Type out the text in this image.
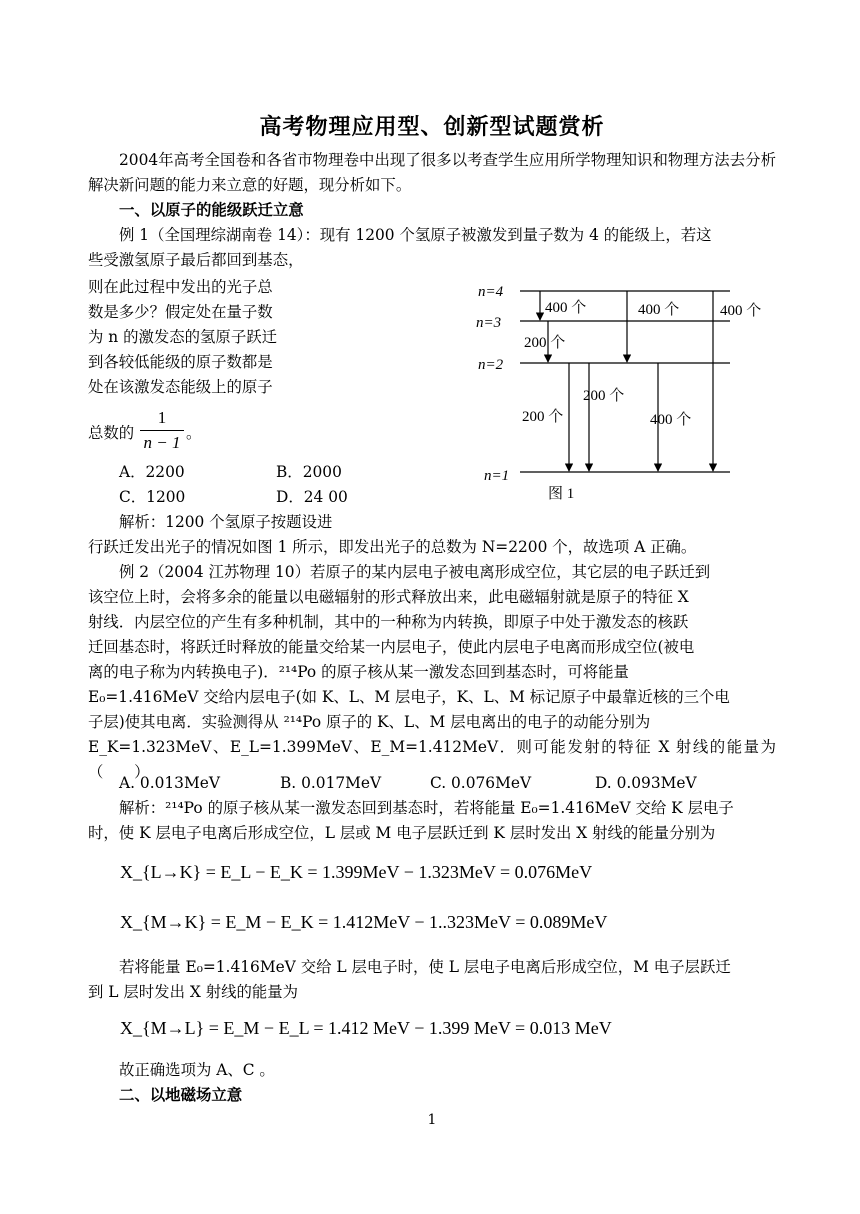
高考物理应用型、创新型试题赏析
2004年高考全国卷和各省市物理卷中出现了很多以考查学生应用所学物理知识和物理方法去分析解决新问题的能力来立意的好题，现分析如下。
一、以原子的能级跃迁立意
例 1（全国理综湖南卷 14）：现有 1200 个氢原子被激发到量子数为 4 的能级上，若这
些受激氢原子最后都回到基态，
则在此过程中发出的光子总
数是多少？假定处在量子数
为 n 的激发态的氢原子跃迁
到各较低能级的原子数都是
处在该激发态能级上的原子
总数的
1
n − 1 。
A．2200	B．2000
C．1200	D．24 00
解析：1200 个氢原子按题设进
行跃迁发出光子的情况如图 1 所示，即发出光子的总数为 N=2200 个，故选项 A 正确。
例 2（2004 江苏物理 10）若原子的某内层电子被电离形成空位，其它层的电子跃迁到
该空位上时，会将多余的能量以电磁辐射的形式释放出来，此电磁辐射就是原子的特征 X
射线．内层空位的产生有多种机制，其中的一种称为内转换，即原子中处于激发态的核跃
迁回基态时，将跃迁时释放的能量交给某一内层电子，使此内层电子电离而形成空位(被电
离的电子称为内转换电子)．²¹⁴Po 的原子核从某一激发态回到基态时，可将能量
E₀=1.416MeV 交给内层电子(如 K、L、M 层电子，K、L、M 标记原子中最靠近核的三个电
子层)使其电离．实验测得从 ²¹⁴Po 原子的 K、L、M 层电离出的电子的动能分别为
E_K=1.323MeV、E_L=1.399MeV、E_M=1.412MeV．则可能发射的特征 X 射线的能量为（　　）
A. 0.013MeV	B. 0.017MeV	C. 0.076MeV	D. 0.093MeV
解析：²¹⁴Po 的原子核从某一激发态回到基态时，若将能量 E₀=1.416MeV 交给 K 层电子
时，使 K 层电子电离后形成空位，L 层或 M 电子层跃迁到 K 层时发出 X 射线的能量分别为
X_{L→K} = E_L − E_K = 1.399MeV − 1.323MeV = 0.076MeV
X_{M→K} = E_M − E_K = 1.412MeV − 1..323MeV = 0.089MeV
若将能量 E₀=1.416MeV 交给 L 层电子时，使 L 层电子电离后形成空位，M 电子层跃迁
到 L 层时发出 X 射线的能量为
X_{M→L} = E_M − E_L = 1.412 MeV − 1.399 MeV = 0.013 MeV
故正确选项为 A、C 。
二、以地磁场立意
1
n=4
n=3
n=2
n=1
400 个	400 个	400 个
200 个
200 个
200 个
400 个
图 1
